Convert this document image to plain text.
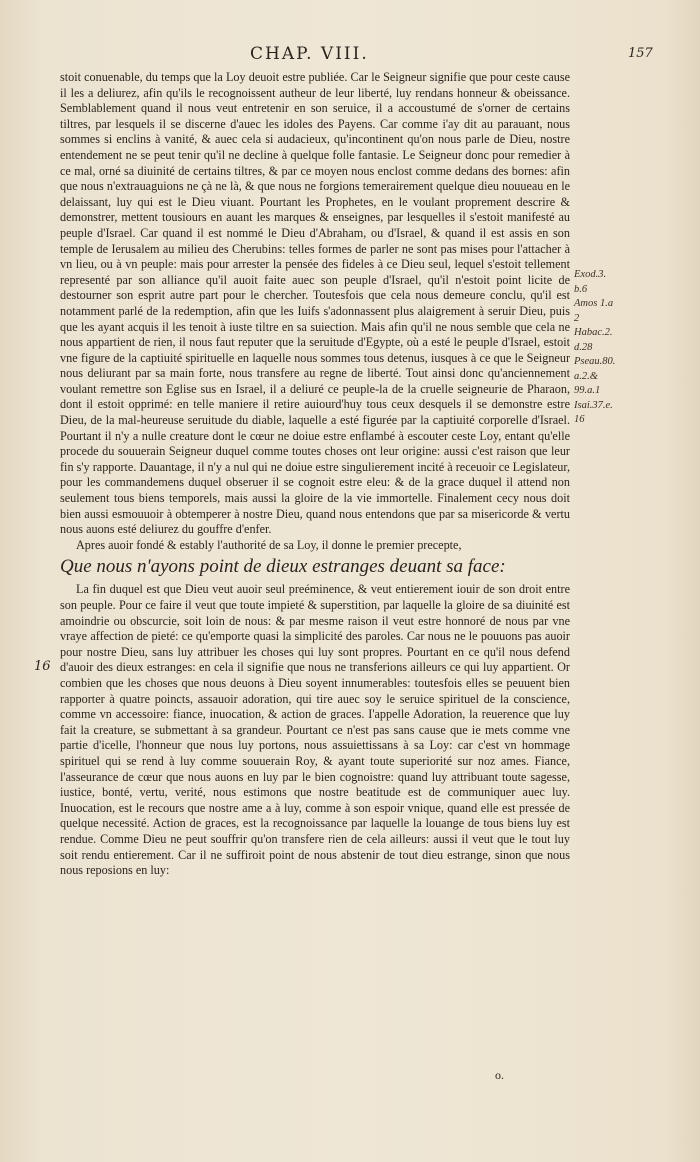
CHAP. VIII.	157
16

stoit conuenable, du temps que la Loy deuoit estre publiée. Car le Seigneur signifie que pour ceste cause il les a deliurez, afin qu'ils le recognoissent autheur de leur liberté, luy rendans honneur & obeissance. Semblablement quand il nous veut entretenir en son seruice, il a accoustumé de s'orner de certains tiltres, par lesquels il se discerne d'auec les idoles des Payens. Car comme i'ay dit au parauant, nous sommes si enclins à vanité, & auec cela si audacieux, qu'incontinent qu'on nous parle de Dieu, nostre entendement ne se peut tenir qu'il ne decline à quelque folle fantasie. Le Seigneur donc pour remedier à ce mal, orné sa diuinité de certains tiltres, & par ce moyen nous enclost comme dedans des bornes: afin que nous n'extrauaguions ne çà ne là, & que nous ne forgions temerairement quelque dieu nouueau en le delaissant, luy qui est le Dieu viuant. Pourtant les Prophetes, en le voulant proprement descrire & demonstrer, mettent tousiours en auant les marques & enseignes, par lesquelles il s'estoit manifesté au peuple d'Israel. Car quand il est nommé le Dieu d'Abraham, ou d'Israel, & quand il est assis en son temple de Ierusalem au milieu des Cherubins: telles formes de parler ne sont pas mises pour l'attacher à vn lieu, ou à vn peuple: mais pour arrester la pensée des fideles à ce Dieu seul, lequel s'estoit tellement representé par son alliance qu'il auoit faite auec son peuple d'Israel, qu'il n'estoit point licite de destourner son esprit autre part pour le chercher. Toutesfois que cela nous demeure conclu, qu'il est notamment parlé de la redemption, afin que les Iuifs s'adonnassent plus alaigrement à seruir Dieu, puis que les ayant acquis il les tenoit à iuste tiltre en sa suiection. Mais afin qu'il ne nous semble que cela ne nous appartient de rien, il nous faut reputer que la seruitude d'Egypte, où a esté le peuple d'Israel, estoit vne figure de la captiuité spirituelle en laquelle nous sommes tous detenus, iusques à ce que le Seigneur nous deliurant par sa main forte, nous transfere au regne de liberté. Tout ainsi donc qu'anciennement voulant remettre son Eglise sus en Israel, il a deliuré ce peuple-la de la cruelle seigneurie de Pharaon, dont il estoit opprimé: en telle maniere il retire auiourd'huy tous ceux desquels il se demonstre estre Dieu, de la mal-heureuse seruitude du diable, laquelle a esté figurée par la captiuité corporelle d'Israel. Pourtant il n'y a nulle creature dont le cœur ne doiue estre enflambé à escouter ceste Loy, entant qu'elle procede du souuerain Seigneur duquel comme toutes choses ont leur origine: aussi c'est raison que leur fin s'y rapporte. Dauantage, il n'y a nul qui ne doiue estre singulierement incité à receuoir ce Legislateur, pour les commandemens duquel obseruer il se cognoit estre eleu: & de la grace duquel il attend non seulement tous biens temporels, mais aussi la gloire de la vie immortelle. Finalement cecy nous doit bien aussi esmouuoir à obtemperer à nostre Dieu, quand nous entendons que par sa misericorde & vertu nous auons esté deliurez du gouffre d'enfer.

Apres auoir fondé & estably l'authorité de sa Loy, il donne le premier precepte,

Que nous n'ayons point de dieux estranges deuant sa face:

La fin duquel est que Dieu veut auoir seul preéminence, & veut entierement iouir de son droit entre son peuple. Pour ce faire il veut que toute impieté & superstition, par laquelle la gloire de sa diuinité est amoindrie ou obscurcie, soit loin de nous: & par mesme raison il veut estre honnoré de nous par vne vraye affection de pieté: ce qu'emporte quasi la simplicité des paroles. Car nous ne le pouuons pas auoir pour nostre Dieu, sans luy attribuer les choses qui luy sont propres. Pourtant en ce qu'il nous defend d'auoir des dieux estranges: en cela il signifie que nous ne transferions ailleurs ce qui luy appartient. Or combien que les choses que nous deuons à Dieu soyent innumerables: toutesfois elles se peuuent bien rapporter à quatre poincts, assauoir adoration, qui tire auec soy le seruice spirituel de la conscience, comme vn accessoire: fiance, inuocation, & action de graces. I'appelle Adoration, la reuerence que luy fait la creature, se submettant à sa grandeur. Pourtant ce n'est pas sans cause que ie mets comme vne partie d'icelle, l'honneur que nous luy portons, nous assuiettissans à sa Loy: car c'est vn hommage spirituel qui se rend à luy comme souuerain Roy, & ayant toute superiorité sur noz ames. Fiance, l'asseurance de cœur que nous auons en luy par le bien cognoistre: quand luy attribuant toute sagesse, iustice, bonté, vertu, verité, nous estimons que nostre beatitude est de communiquer auec luy. Inuocation, est le recours que nostre ame a à luy, comme à son espoir vnique, quand elle est pressée de quelque necessité. Action de graces, est la recognoissance par laquelle la louange de tous biens luy est rendue. Comme Dieu ne peut souffrir qu'on transfere rien de cela ailleurs: aussi il veut que le tout luy soit rendu entierement. Car il ne suffiroit point de nous abstenir de tout dieu estrange, sinon que nous nous reposions en luy:

Exod.3.
b.6
Amos 1.a
2
Habac.2.
d.28
Pseau.80.
a.2.&
99.a.1
Isai.37.e.
16
o.
